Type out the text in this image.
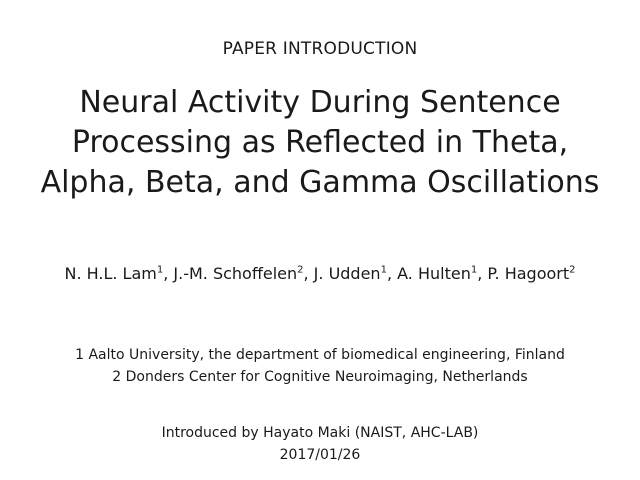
PAPER INTRODUCTION
Neural Activity During Sentence Processing as Reflected in Theta, Alpha, Beta, and Gamma Oscillations
N. H.L. Lam$^1$, J.-M. Schoffelen$^2$, J. Udden$^1$, A. Hulten$^1$, P. Hagoort$^2$
1 Aalto University, the department of biomedical engineering, Finland
2 Donders Center for Cognitive Neuroimaging, Netherlands
Introduced by Hayato Maki (NAIST, AHC-LAB)
2017/01/26
